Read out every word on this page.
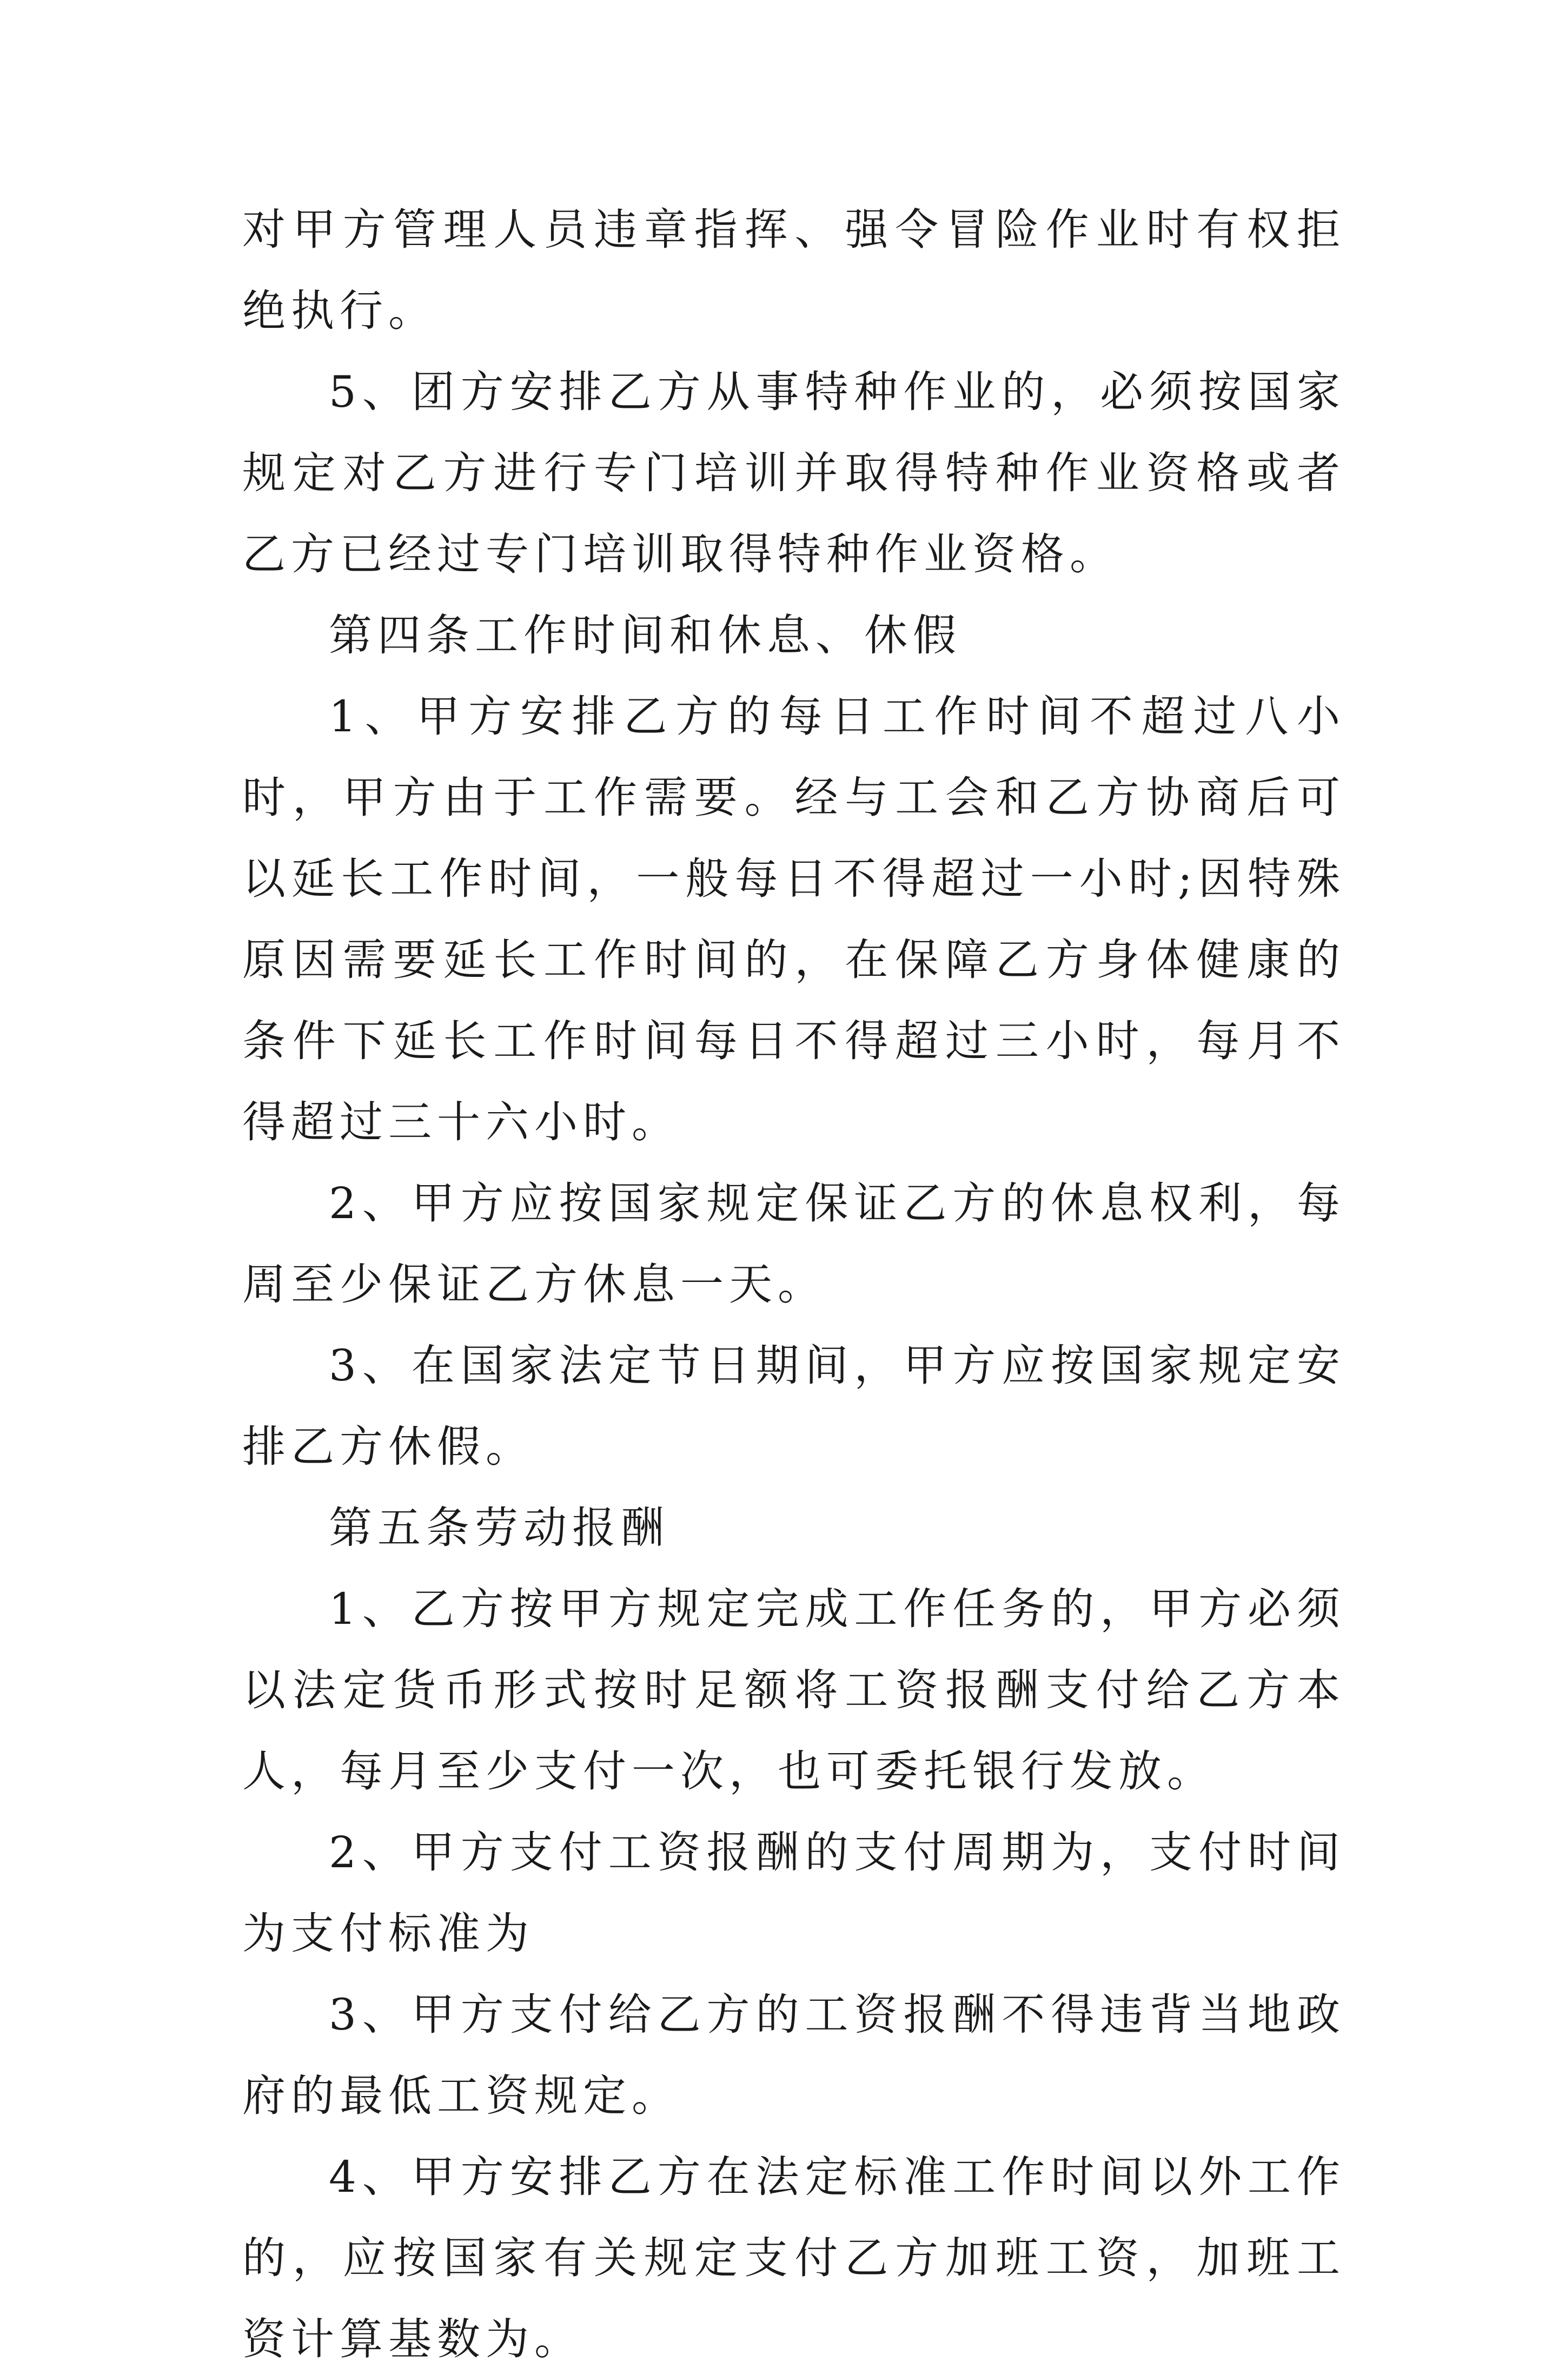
对甲方管理人员违章指挥、强令冒险作业时有权拒绝执行。

5、团方安排乙方从事特种作业的，必须按国家规定对乙方进行专门培训并取得特种作业资格或者乙方已经过专门培训取得特种作业资格。

第四条工作时间和休息、休假

1、甲方安排乙方的每日工作时间不超过八小时，甲方由于工作需要。经与工会和乙方协商后可以延长工作时间，一般每日不得超过一小时;因特殊原因需要延长工作时间的，在保障乙方身体健康的条件下延长工作时间每日不得超过三小时，每月不得超过三十六小时。

2、甲方应按国家规定保证乙方的休息权利，每周至少保证乙方休息一天。

3、在国家法定节日期间，甲方应按国家规定安排乙方休假。

第五条劳动报酬

1、乙方按甲方规定完成工作任务的，甲方必须以法定货币形式按时足额将工资报酬支付给乙方本人，每月至少支付一次，也可委托银行发放。

2、甲方支付工资报酬的支付周期为，支付时间为支付标准为

3、甲方支付给乙方的工资报酬不得违背当地政府的最低工资规定。

4、甲方安排乙方在法定标准工作时间以外工作的，应按国家有关规定支付乙方加班工资，加班工资计算基数为。
